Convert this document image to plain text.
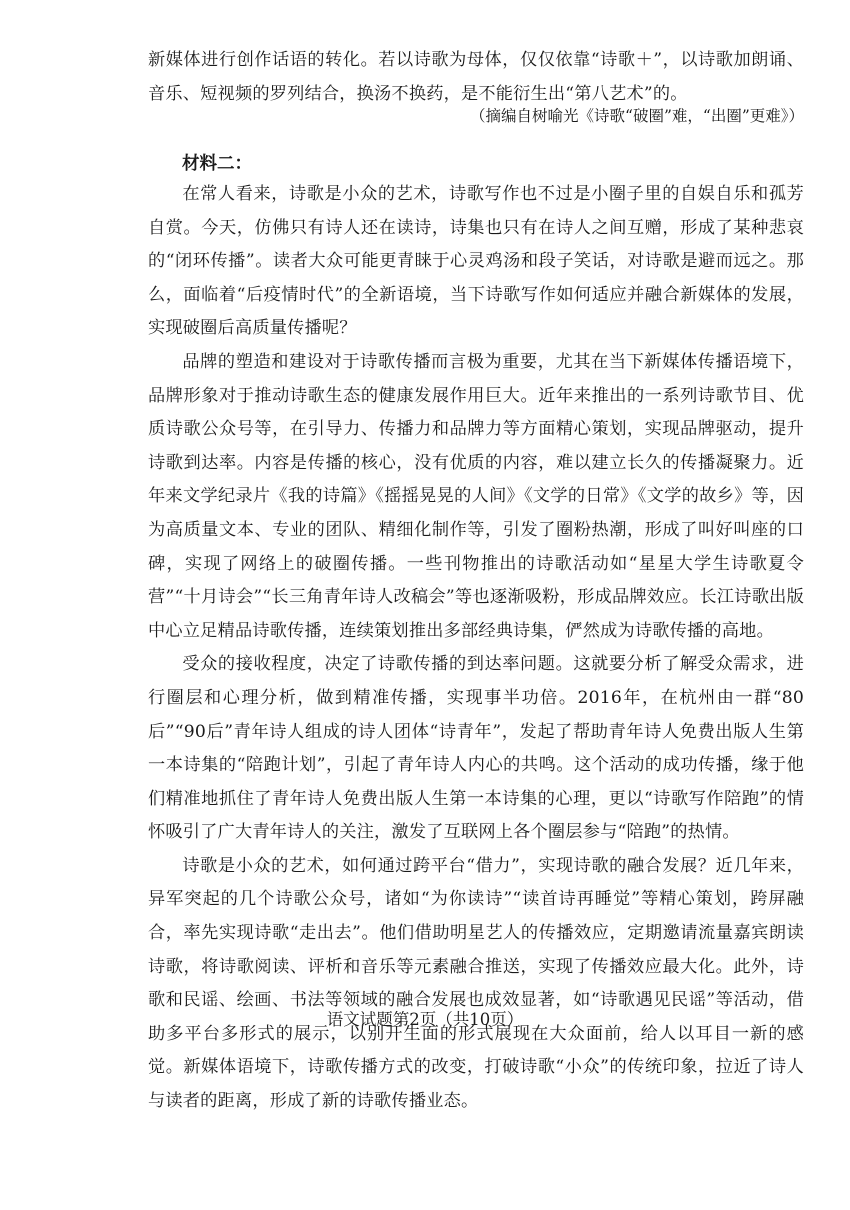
新媒体进行创作话语的转化。若以诗歌为母体，仅仅依靠“诗歌＋”，以诗歌加朗诵、音乐、短视频的罗列结合，换汤不换药，是不能衍生出“第八艺术”的。

（摘编自树喻光《诗歌“破圈”难，“出圈”更难》）
材料二：

在常人看来，诗歌是小众的艺术，诗歌写作也不过是小圈子里的自娱自乐和孤芳自赏。今天，仿佛只有诗人还在读诗，诗集也只有在诗人之间互赠，形成了某种悲哀的“闭环传播”。读者大众可能更青睐于心灵鸡汤和段子笑话，对诗歌是避而远之。那么，面临着“后疫情时代”的全新语境，当下诗歌写作如何适应并融合新媒体的发展，实现破圈后高质量传播呢？

品牌的塑造和建设对于诗歌传播而言极为重要，尤其在当下新媒体传播语境下，品牌形象对于推动诗歌生态的健康发展作用巨大。近年来推出的一系列诗歌节目、优质诗歌公众号等，在引导力、传播力和品牌力等方面精心策划，实现品牌驱动，提升诗歌到达率。内容是传播的核心，没有优质的内容，难以建立长久的传播凝聚力。近年来文学纪录片《我的诗篇》《摇摇晃晃的人间》《文学的日常》《文学的故乡》等，因为高质量文本、专业的团队、精细化制作等，引发了圈粉热潮，形成了叫好叫座的口碑，实现了网络上的破圈传播。一些刊物推出的诗歌活动如“星星大学生诗歌夏令营”“十月诗会”“长三角青年诗人改稿会”等也逐渐吸粉，形成品牌效应。长江诗歌出版中心立足精品诗歌传播，连续策划推出多部经典诗集，俨然成为诗歌传播的高地。

受众的接收程度，决定了诗歌传播的到达率问题。这就要分析了解受众需求，进行圈层和心理分析，做到精准传播，实现事半功倍。2016年，在杭州由一群“80后”“90后”青年诗人组成的诗人团体“诗青年”，发起了帮助青年诗人免费出版人生第一本诗集的“陪跑计划”，引起了青年诗人内心的共鸣。这个活动的成功传播，缘于他们精准地抓住了青年诗人免费出版人生第一本诗集的心理，更以“诗歌写作陪跑”的情怀吸引了广大青年诗人的关注，激发了互联网上各个圈层参与“陪跑”的热情。

诗歌是小众的艺术，如何通过跨平台“借力”，实现诗歌的融合发展？近几年来，异军突起的几个诗歌公众号，诸如“为你读诗”“读首诗再睡觉”等精心策划，跨屏融合，率先实现诗歌“走出去”。他们借助明星艺人的传播效应，定期邀请流量嘉宾朗读诗歌，将诗歌阅读、评析和音乐等元素融合推送，实现了传播效应最大化。此外，诗歌和民谣、绘画、书法等领域的融合发展也成效显著，如“诗歌遇见民谣”等活动，借助多平台多形式的展示，以别开生面的形式展现在大众面前，给人以耳目一新的感觉。新媒体语境下，诗歌传播方式的改变，打破诗歌“小众”的传统印象，拉近了诗人与读者的距离，形成了新的诗歌传播业态。

语文试题第2页（共10页）
